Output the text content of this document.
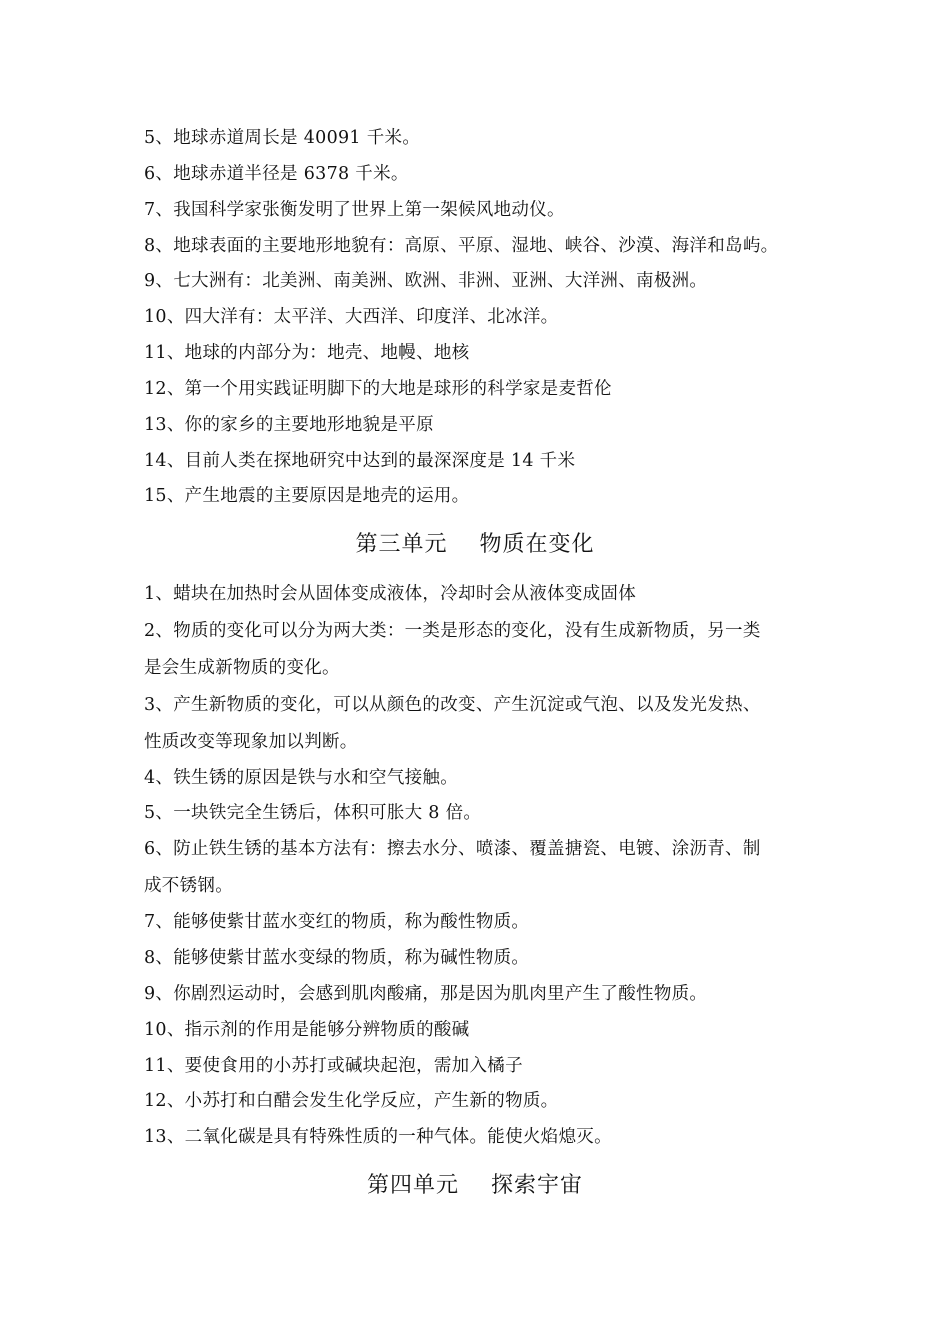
5、地球赤道周长是 40091 千米。
6、地球赤道半径是 6378 千米。
7、我国科学家张衡发明了世界上第一架候风地动仪。
8、地球表面的主要地形地貌有：高原、平原、湿地、峡谷、沙漠、海洋和岛屿。
9、七大洲有：北美洲、南美洲、欧洲、非洲、亚洲、大洋洲、南极洲。
10、四大洋有：太平洋、大西洋、印度洋、北冰洋。
11、地球的内部分为：地壳、地幔、地核
12、第一个用实践证明脚下的大地是球形的科学家是麦哲伦
13、你的家乡的主要地形地貌是平原
14、目前人类在探地研究中达到的最深深度是 14 千米
15、产生地震的主要原因是地壳的运用。
第三单元    物质在变化
1、蜡块在加热时会从固体变成液体，冷却时会从液体变成固体
2、物质的变化可以分为两大类：一类是形态的变化，没有生成新物质，另一类
是会生成新物质的变化。
3、产生新物质的变化，可以从颜色的改变、产生沉淀或气泡、以及发光发热、
性质改变等现象加以判断。
4、铁生锈的原因是铁与水和空气接触。
5、一块铁完全生锈后，体积可胀大 8 倍。
6、防止铁生锈的基本方法有：擦去水分、喷漆、覆盖搪瓷、电镀、涂沥青、制
成不锈钢。
7、能够使紫甘蓝水变红的物质，称为酸性物质。
8、能够使紫甘蓝水变绿的物质，称为碱性物质。
9、你剧烈运动时，会感到肌肉酸痛，那是因为肌肉里产生了酸性物质。
10、指示剂的作用是能够分辨物质的酸碱
11、要使食用的小苏打或碱块起泡，需加入橘子
12、小苏打和白醋会发生化学反应，产生新的物质。
13、二氧化碳是具有特殊性质的一种气体。能使火焰熄灭。
第四单元    探索宇宙
